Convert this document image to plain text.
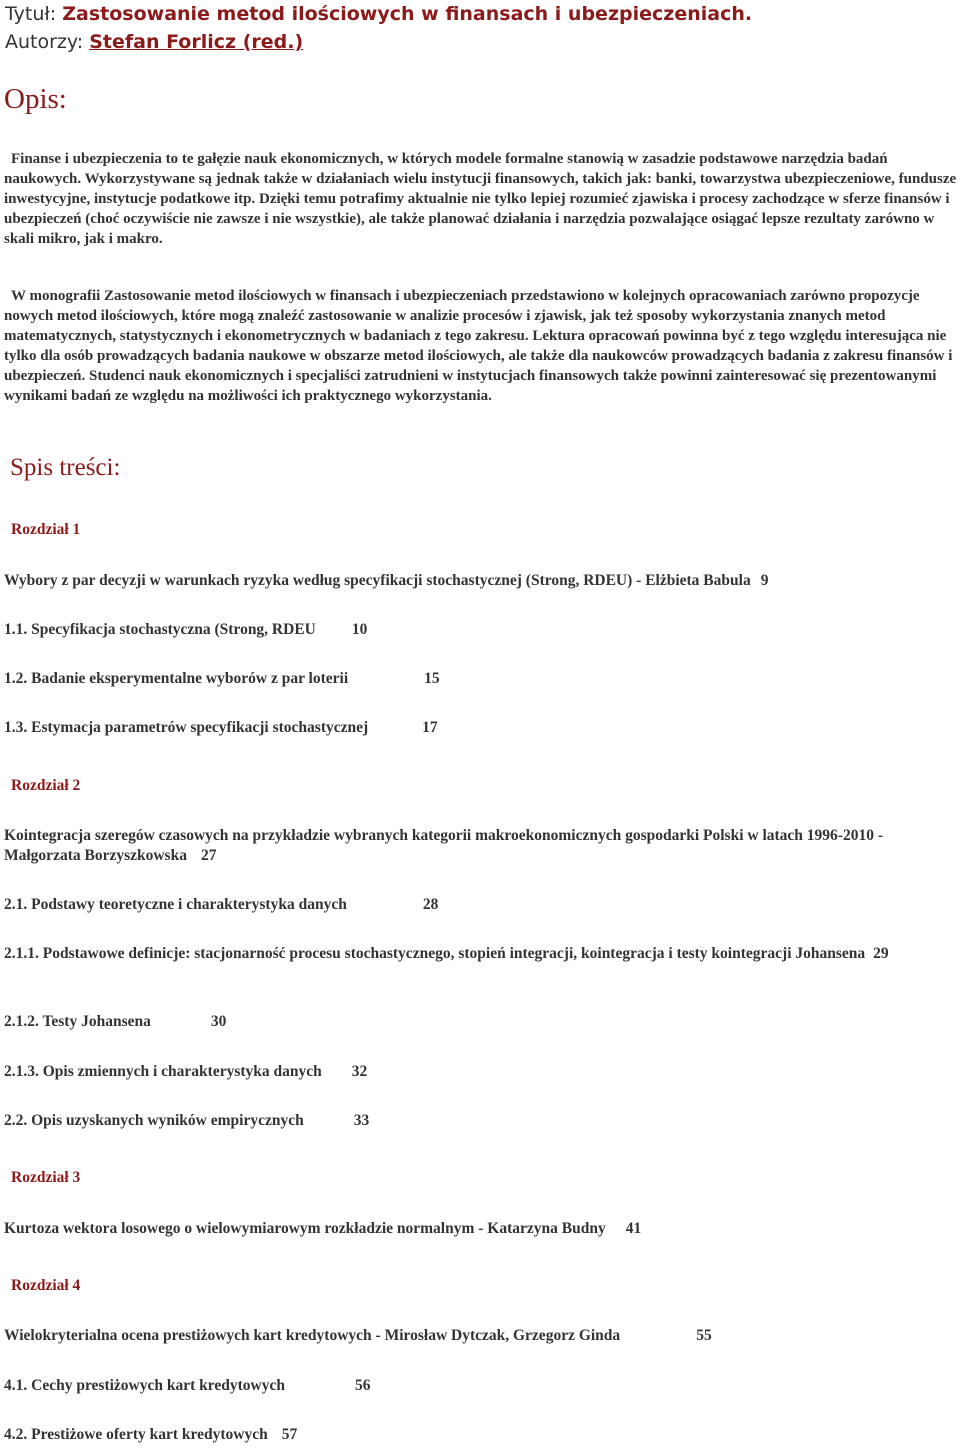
Tytuł: Zastosowanie metod ilościowych w finansach i ubezpieczeniach.
Autorzy: Stefan Forlicz (red.)
Opis:

Finanse i ubezpieczenia to te gałęzie nauk ekonomicznych, w których modele formalne stanowią w zasadzie podstawowe narzędzia badań naukowych. Wykorzystywane są jednak także w działaniach wielu instytucji finansowych, takich jak: banki, towarzystwa ubezpieczeniowe, fundusze inwestycyjne, instytucje podatkowe itp. Dzięki temu potrafimy aktualnie nie tylko lepiej rozumieć zjawiska i procesy zachodzące w sferze finansów i ubezpieczeń (choć oczywiście nie zawsze i nie wszystkie), ale także planować działania i narzędzia pozwalające osiągać lepsze rezultaty zarówno w skali mikro, jak i makro.

W monografii Zastosowanie metod ilościowych w finansach i ubezpieczeniach przedstawiono w kolejnych opracowaniach zarówno propozycje nowych metod ilościowych, które mogą znaleźć zastosowanie w analizie procesów i zjawisk, jak też sposoby wykorzystania znanych metod matematycznych, statystycznych i ekonometrycznych w badaniach z tego zakresu. Lektura opracowań powinna być z tego względu interesująca nie tylko dla osób prowadzących badania naukowe w obszarze metod ilościowych, ale także dla naukowców prowadzących badania z zakresu finansów i ubezpieczeń. Studenci nauk ekonomicznych i specjaliści zatrudnieni w instytucjach finansowych także powinni zainteresować się prezentowanymi wynikami badań ze względu na możliwości ich praktycznego wykorzystania.

Spis treści:

Rozdział 1

Wybory z par decyzji w warunkach ryzyka według specyfikacji stochastycznej (Strong, RDEU) - Elżbieta Babula 9

1.1. Specyfikacja stochastyczna (Strong, RDEU 10

1.2. Badanie eksperymentalne wyborów z par loterii	15

1.3. Estymacja parametrów specyfikacji stochastycznej	17

Rozdział 2

Kointegracja szeregów czasowych na przykładzie wybranych kategorii makroekonomicznych gospodarki Polski w latach 1996-2010 - Małgorzata Borzyszkowska 27

2.1. Podstawy teoretyczne i charakterystyka danych	28

2.1.1. Podstawowe definicje: stacjonarność procesu stochastycznego, stopień integracji, kointegracja i testy kointegracji Johansena 29

2.1.2. Testy Johansena	30

2.1.3. Opis zmiennych i charakterystyka danych 32

2.2. Opis uzyskanych wyników empirycznych	33

Rozdział 3

Kurtoza wektora losowego o wielowymiarowym rozkładzie normalnym - Katarzyna Budny 41

Rozdział 4

Wielokryterialna ocena prestiżowych kart kredytowych - Mirosław Dytczak, Grzegorz Ginda	55

4.1. Cechy prestiżowych kart kredytowych	56

4.2. Prestiżowe oferty kart kredytowych 57
